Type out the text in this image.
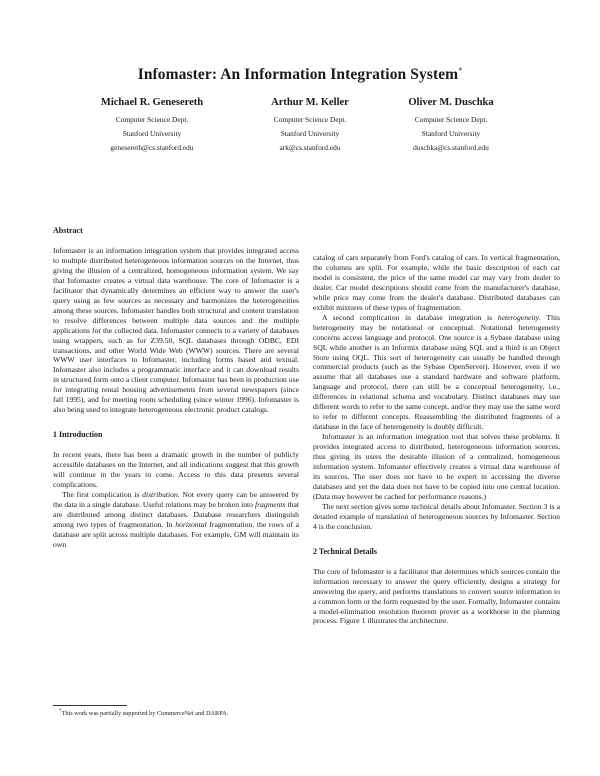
Infomaster: An Information Integration System*
Michael R. Genesereth
Computer Science Dept.
Stanford University
genesereth@cs.stanford.edu
Arthur M. Keller
Computer Science Dept.
Stanford University
ark@cs.stanford.edu
Oliver M. Duschka
Computer Science Dept.
Stanford University
duschka@cs.stanford.edu
Abstract

Infomaster is an information integration system that provides integrated access to multiple distributed heterogeneous information sources on the Internet, thus giving the illusion of a centralized, homogeneous information system. We say that Infomaster creates a virtual data warehouse. The core of Infomaster is a facilitator that dynamically determines an efficient way to answer the user's query using as few sources as necessary and harmonizes the heterogeneities among these sources. Infomaster handles both structural and content translation to resolve differences between multiple data sources and the multiple applications for the collected data. Infomaster connects to a variety of databases using wrappers, such as for Z39.50, SQL databases through ODBC, EDI transactions, and other World Wide Web (WWW) sources. There are several WWW user interfaces to Infomaster, including forms based and textual. Infomaster also includes a programmatic interface and it can download results in structured form onto a client computer. Infomaster has been in production use for integrating rental housing advertisements from several newspapers (since fall 1995), and for meeting room scheduling (since winter 1996). Infomaster is also being used to integrate heterogeneous electronic product catalogs.

1 Introduction

In recent years, there has been a dramatic growth in the number of publicly accessible databases on the Internet, and all indications suggest that this growth will continue in the years to come. Access to this data presents several complications.

The first complication is distribution. Not every query can be answered by the data in a single database. Useful relations may be broken into fragments that are distributed among distinct databases. Database researchers distinguish among two types of fragmentation. In horizontal fragmentation, the rows of a database are split across multiple databases. For example, GM will maintain its own

*This work was partially supported by CommerceNet and DARPA.

catalog of cars separately from Ford's catalog of cars. In vertical fragmentation, the columns are split. For example, while the basic description of each car model is consistent, the price of the same model car may vary from dealer to dealer. Car model descriptions should come from the manufacturer's database, while price may come from the dealer's database. Distributed databases can exhibit mixtures of these types of fragmentation.

A second complication in database integration is heterogeneity. This heterogeneity may be notational or conceptual. Notational heterogeneity concerns access language and protocol. One source is a Sybase database using SQL while another is an Informix database using SQL and a third is an Object Store using OQL. This sort of heterogeneity can usually be handled through commercial products (such as the Sybase OpenServer). However, even if we assume that all databases use a standard hardware and software platform, language and protocol, there can still be a conceptual heterogeneity, i.e., differences in relational schema and vocabulary. Distinct databases may use different words to refer to the same concept, and/or they may use the same word to refer to different concepts. Reassembling the distributed fragments of a database in the face of heterogeneity is doubly difficult.

Infomaster is an information integration tool that solves these problems. It provides integrated access to distributed, heterogeneous information sources, thus giving its users the desirable illusion of a centralized, homogeneous information system. Infomaster effectively creates a virtual data warehouse of its sources. The user does not have to be expert in accessing the diverse databases and yet the data does not have to be copied into one central location. (Data may however be cached for performance reasons.)

The next section gives some technical details about Infomaster. Section 3 is a detailed example of translation of heterogeneous sources by Infomaster. Section 4 is the conclusion.

2 Technical Details

The core of Infomaster is a facilitator that determines which sources contain the information necessary to answer the query efficiently, designs a strategy for answering the query, and performs translations to convert source information to a common form or the form requested by the user. Formally, Infomaster contains a model-elimination resolution theorem prover as a workhorse in the planning process. Figure 1 illustrates the architecture.
